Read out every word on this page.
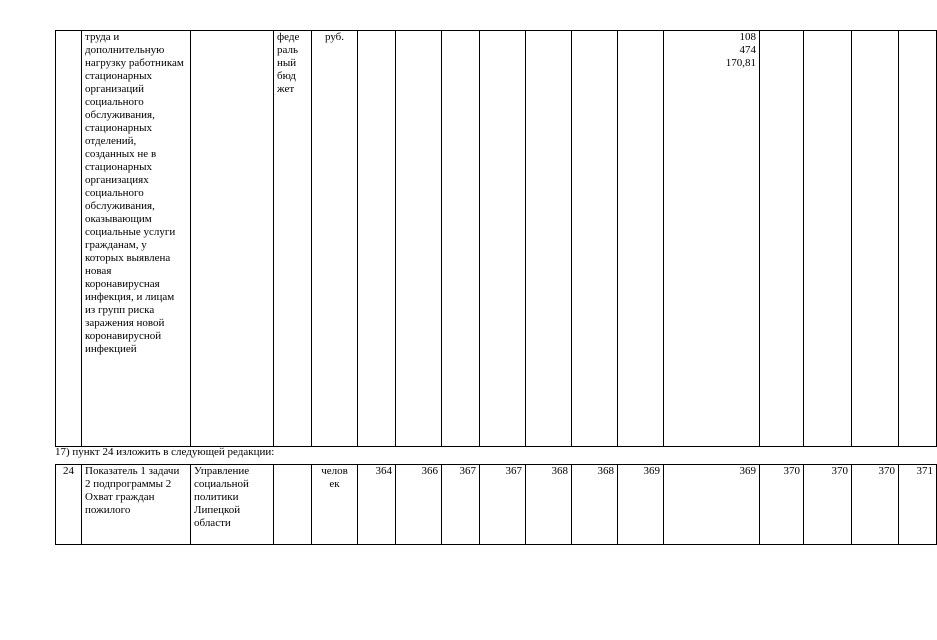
	труда и дополнительную нагрузку работникам стационарных организаций социального обслуживания, стационарных отделений, созданных не в стационарных организациях социального обслуживания, оказывающим социальные услуги гражданам, у которых выявлена новая коронавирусная инфекция, и лицам из групп риска заражения новой коронавирусной инфекцией		феде
раль
ный
бюд
жет	руб.								108
474
170,81				
17) пункт 24 изложить в следующей редакции:
24	Показатель 1 задачи 2 подпрограммы 2 Охват граждан пожилого	Управление социальной политики Липецкой области		челов
ек	364	366	367	367	368	368	369	369	370	370	370	371
